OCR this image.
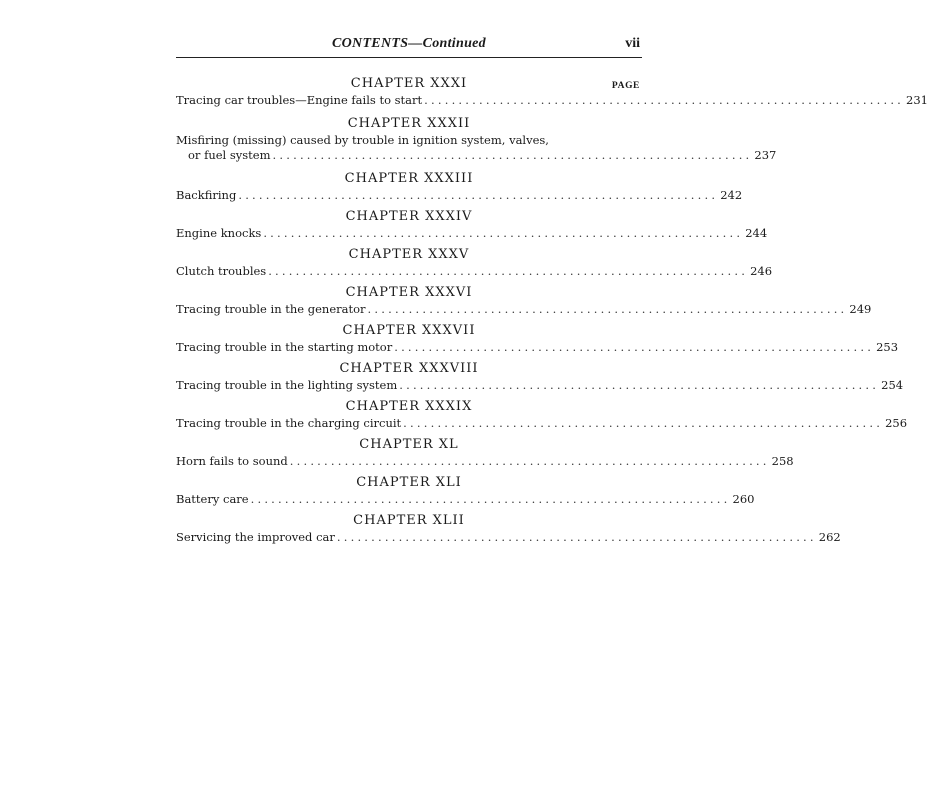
CONTENTS—Continued	vii
PAGE
CHAPTER XXXI
Tracing car troubles—Engine fails to start ...................................................................... 231
CHAPTER XXXII
Misfiring (missing) caused by trouble in ignition system, valves,
or fuel system ...................................................................... 237
CHAPTER XXXIII
Backfiring ...................................................................... 242
CHAPTER XXXIV
Engine knocks ...................................................................... 244
CHAPTER XXXV
Clutch troubles ...................................................................... 246
CHAPTER XXXVI
Tracing trouble in the generator ...................................................................... 249
CHAPTER XXXVII
Tracing trouble in the starting motor ...................................................................... 253
CHAPTER XXXVIII
Tracing trouble in the lighting system ...................................................................... 254
CHAPTER XXXIX
Tracing trouble in the charging circuit ...................................................................... 256
CHAPTER XL
Horn fails to sound ...................................................................... 258
CHAPTER XLI
Battery care ...................................................................... 260
CHAPTER XLII
Servicing the improved car ...................................................................... 262
